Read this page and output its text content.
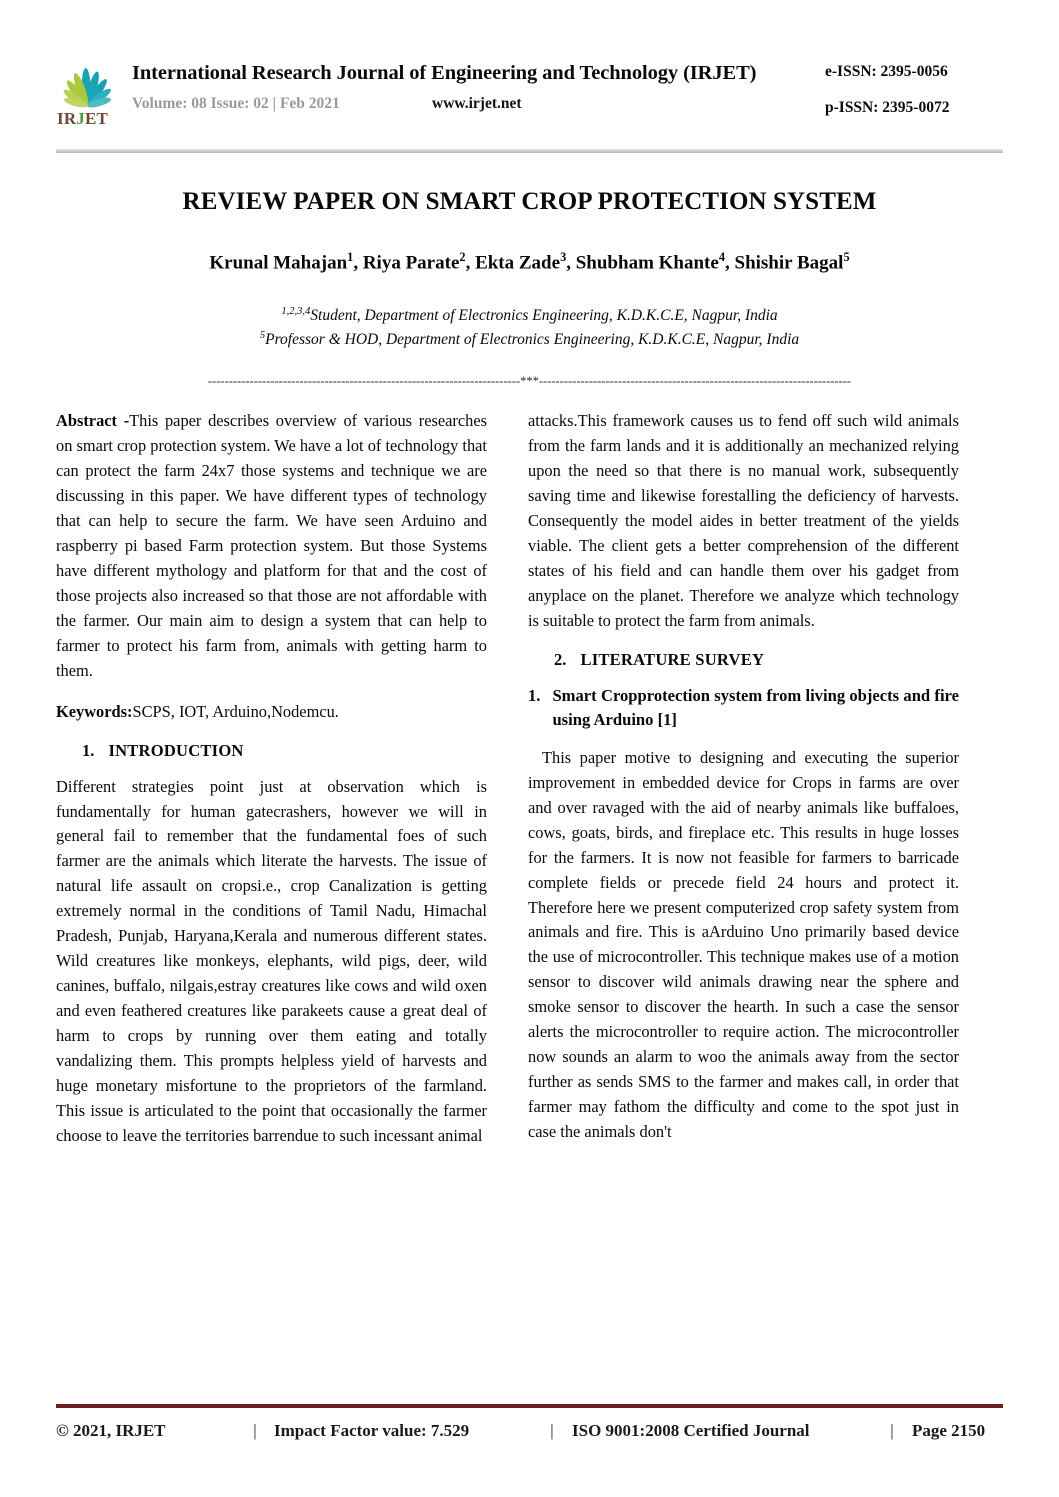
IRJET
International Research Journal of Engineering and Technology (IRJET)
Volume: 08 Issue: 02 | Feb 2021	www.irjet.net
e-ISSN: 2395-0056
p-ISSN: 2395-0072
REVIEW PAPER ON SMART CROP PROTECTION SYSTEM
Krunal Mahajan$^1$, Riya Parate$^2$, Ekta Zade$^3$, Shubham Khante$^4$, Shishir Bagal$^5$
$^{1,2,3,4}$Student, Department of Electronics Engineering, K.D.K.C.E, Nagpur, India
$^5$Professor & HOD, Department of Electronics Engineering, K.D.K.C.E, Nagpur, India
---------------------------------------------------------------------------***---------------------------------------------------------------------------

Abstract -This paper describes overview of various researches on smart crop protection system. We have a lot of technology that can protect the farm 24x7 those systems and technique we are discussing in this paper. We have different types of technology that can help to secure the farm. We have seen Arduino and raspberry pi based Farm protection system. But those Systems have different mythology and platform for that and the cost of those projects also increased so that those are not affordable with the farmer. Our main aim to design a system that can help to farmer to protect his farm from, animals with getting harm to them.

Keywords:SCPS, IOT, Arduino,Nodemcu.

1. INTRODUCTION

Different strategies point just at observation which is fundamentally for human gatecrashers, however we will in general fail to remember that the fundamental foes of such farmer are the animals which literate the harvests. The issue of natural life assault on cropsi.e., crop Canalization is getting extremely normal in the conditions of Tamil Nadu, Himachal Pradesh, Punjab, Haryana,Kerala and numerous different states. Wild creatures like monkeys, elephants, wild pigs, deer, wild canines, buffalo, nilgais,estray creatures like cows and wild oxen and even feathered creatures like parakeets cause a great deal of harm to crops by running over them eating and totally vandalizing them. This prompts helpless yield of harvests and huge monetary misfortune to the proprietors of the farmland. This issue is articulated to the point that occasionally the farmer choose to leave the territories barrendue to such incessant animal

attacks.This framework causes us to fend off such wild animals from the farm lands and it is additionally an mechanized relying upon the need so that there is no manual work, subsequently saving time and likewise forestalling the deficiency of harvests. Consequently the model aides in better treatment of the yields viable. The client gets a better comprehension of the different states of his field and can handle them over his gadget from anyplace on the planet. Therefore we analyze which technology is suitable to protect the farm from animals.

2. LITERATURE SURVEY
1. Smart Cropprotection system from living objects and fire using Arduino [1]

This paper motive to designing and executing the superior improvement in embedded device for Crops in farms are over and over ravaged with the aid of nearby animals like buffaloes, cows, goats, birds, and fireplace etc. This results in huge losses for the farmers. It is now not feasible for farmers to barricade complete fields or precede field 24 hours and protect it. Therefore here we present computerized crop safety system from animals and fire. This is aArduino Uno primarily based device the use of microcontroller. This technique makes use of a motion sensor to discover wild animals drawing near the sphere and smoke sensor to discover the hearth. In such a case the sensor alerts the microcontroller to require action. The microcontroller now sounds an alarm to woo the animals away from the sector further as sends SMS to the farmer and makes call, in order that farmer may fathom the difficulty and come to the spot just in case the animals don't

© 2021, IRJET	|	Impact Factor value: 7.529	|	ISO 9001:2008 Certified Journal	|	Page 2150
